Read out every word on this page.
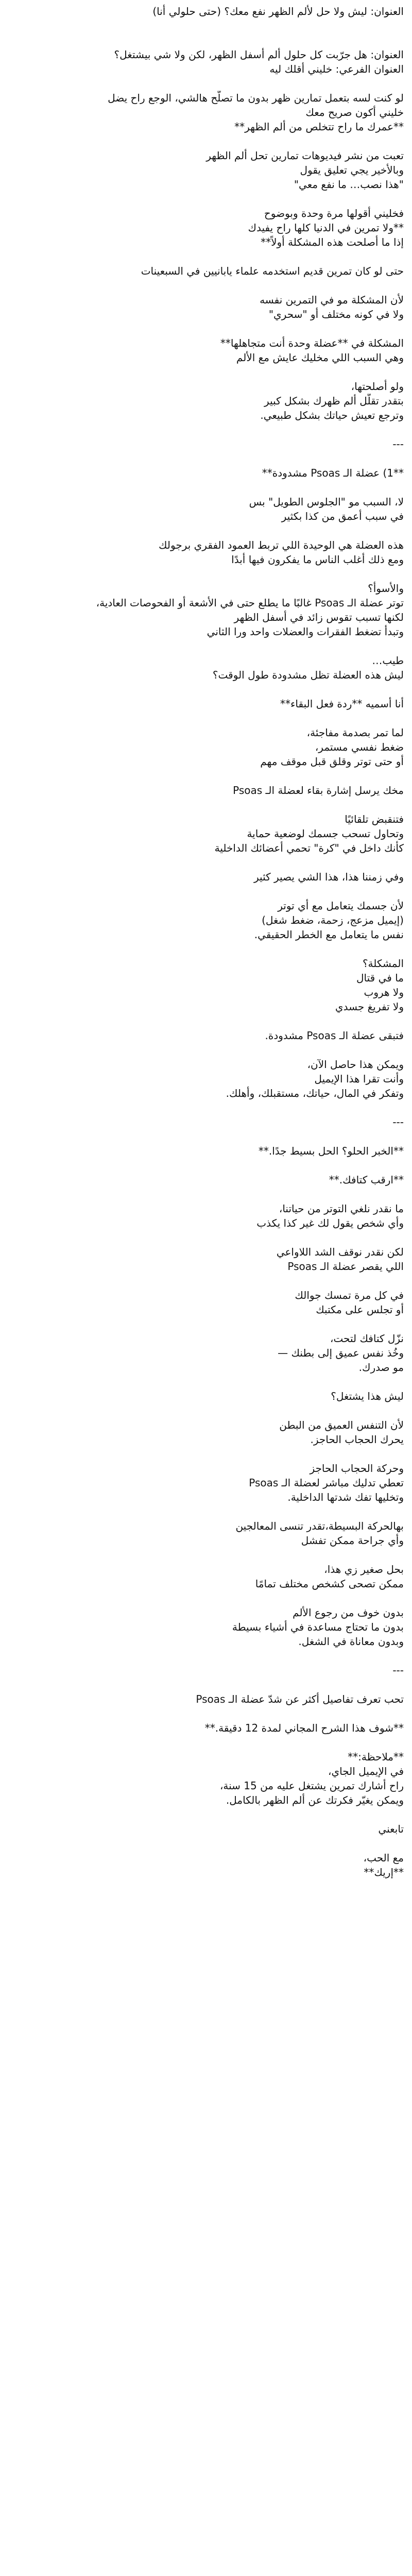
العنوان: ليش ولا حل لألم الظهر نفع معك؟ (حتى حلولي أنا)

العنوان: هل جرّبت كل حلول ألم أسفل الظهر، لكن ولا شي بيشتغل؟

العنوان الفرعي: خليني أقلك ليه

لو كنت لسه بتعمل تمارين ظهر بدون ما تصلّح هالشي، الوجع راح يضل

خليني أكون صريح معك

**عمرك ما راح تتخلص من ألم الظهر**

تعبت من نشر فيديوهات تمارين تحل ألم الظهر

وبالأخير يجي تعليق يقول

"هذا نصب… ما نفع معي"

فخليني أقولها مرة وحدة وبوضوح

**ولا تمرين في الدنيا كلها راح يفيدك

إذا ما أصلحت هذه المشكلة أولاً**

حتى لو كان تمرين قديم استخدمه علماء يابانيين في السبعينات

لأن المشكلة مو في التمرين نفسه

ولا في كونه مختلف أو "سحري"

المشكلة في **عضلة وحدة أنت متجاهلها**

وهي السبب اللي مخليك عايش مع الألم

ولو أصلحتها،

بتقدر تقلّل ألم ظهرك بشكل كبير

وترجع تعيش حياتك بشكل طبيعي.

---

**1) عضلة الـ Psoas مشدودة**

لا، السبب مو "الجلوس الطويل" بس

في سبب أعمق من كذا بكثير

هذه العضلة هي الوحيدة اللي تربط العمود الفقري برجولك

ومع ذلك أغلب الناس ما يفكرون فيها أبدًا

والأسوأ؟

توتر عضلة الـ Psoas غالبًا ما يطلع حتى في الأشعة أو الفحوصات العادية،

لكنها تسبب تقوس زائد في أسفل الظهر

وتبدأ تضغط الفقرات والعضلات واحد ورا الثاني

طيب…

ليش هذه العضلة تظل مشدودة طول الوقت؟

أنا أسميه **ردة فعل البقاء**

لما تمر بصدمة مفاجئة،

ضغط نفسي مستمر،

أو حتى توتر وقلق قبل موقف مهم

مخك يرسل إشارة بقاء لعضلة الـ Psoas

فتنقبض تلقائيًا

وتحاول تسحب جسمك لوضعية حماية

كأنك داخل في "كرة" تحمي أعضائك الداخلية

وفي زمننا هذا، هذا الشي يصير كثير

لأن جسمك يتعامل مع أي توتر

(إيميل مزعج، زحمة، ضغط شغل)

نفس ما يتعامل مع الخطر الحقيقي.

المشكلة؟

ما في قتال

ولا هروب

ولا تفريغ جسدي

فتبقى عضلة الـ Psoas مشدودة.

ويمكن هذا حاصل الآن،

وأنت تقرا هذا الإيميل

وتفكر في المال، حياتك، مستقبلك، وأهلك.

---

**الخبر الحلو؟ الحل بسيط جدًا.**

**ارقب كتافك.**

ما نقدر نلغي التوتر من حياتنا،

وأي شخص يقول لك غير كذا يكذب

لكن نقدر نوقف الشد اللاواعي

اللي يقصر عضلة الـ Psoas

في كل مرة تمسك جوالك

أو تجلس على مكتبك

نزّل كتافك لتحت،

وخُذ نفس عميق إلى بطنك —

مو صدرك.

ليش هذا يشتغل؟

لأن التنفس العميق من البطن

يحرك الحجاب الحاجز.

وحركة الحجاب الحاجز

تعطي تدليك مباشر لعضلة الـ Psoas

وتخليها تفك شدتها الداخلية.

بهالحركة البسيطة،تقدر تنسى المعالجين

وأي جراحة ممكن تفشل

بحل صغير زي هذا،

ممكن تصحى كشخص مختلف تمامًا

بدون خوف من رجوع الألم

بدون ما تحتاج مساعدة في أشياء بسيطة

وبدون معاناة في الشغل.

---

تحب تعرف تفاصيل أكثر عن شدّ عضلة الـ Psoas

**شوف هذا الشرح المجاني لمدة 12 دقيقة.**

**ملاحظة:**

في الإيميل الجاي،

راح أشارك تمرين يشتغل عليه من 15 سنة،

ويمكن يغيّر فكرتك عن ألم الظهر بالكامل.

تابعني

مع الحب،

**إريك**
